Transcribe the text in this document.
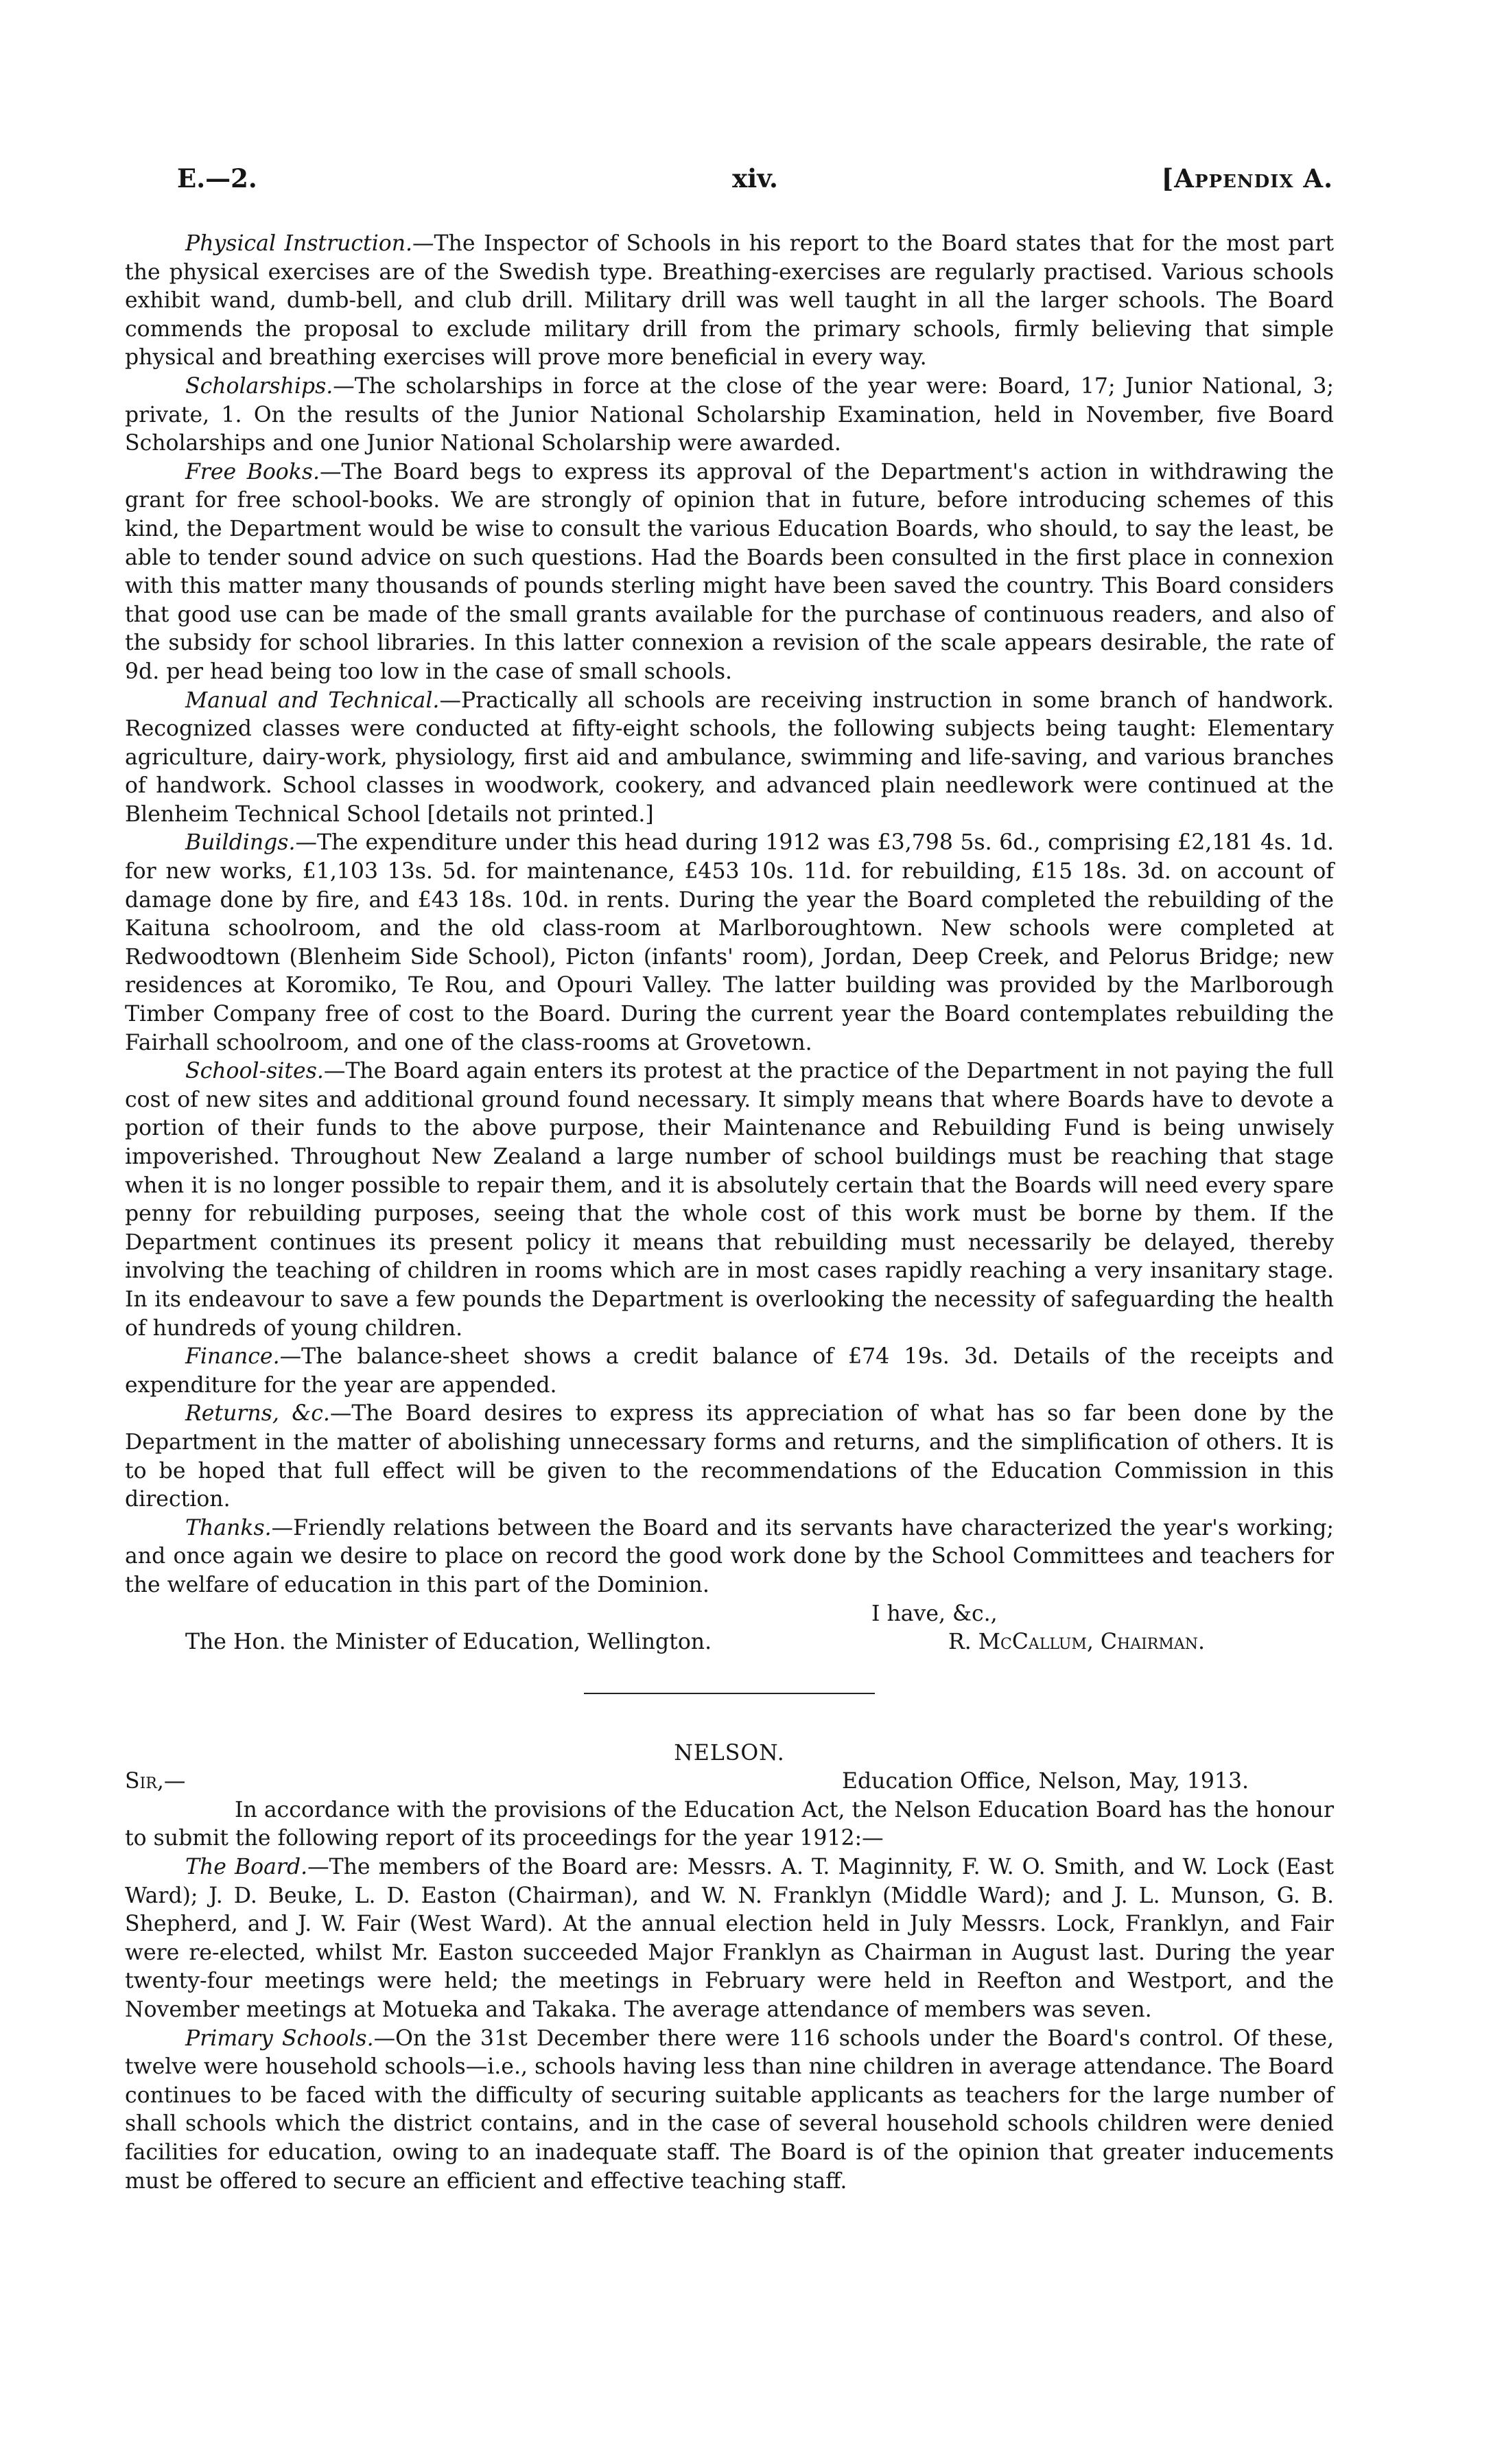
E.—2.	xiv.	[Appendix A.

Physical Instruction.—The Inspector of Schools in his report to the Board states that for the most part the physical exercises are of the Swedish type. Breathing-exercises are regularly practised. Various schools exhibit wand, dumb-bell, and club drill. Military drill was well taught in all the larger schools. The Board commends the proposal to exclude military drill from the primary schools, firmly believing that simple physical and breathing exercises will prove more beneficial in every way.

Scholarships.—The scholarships in force at the close of the year were: Board, 17; Junior National, 3; private, 1. On the results of the Junior National Scholarship Examination, held in November, five Board Scholarships and one Junior National Scholarship were awarded.

Free Books.—The Board begs to express its approval of the Department's action in withdrawing the grant for free school-books. We are strongly of opinion that in future, before introducing schemes of this kind, the Department would be wise to consult the various Education Boards, who should, to say the least, be able to tender sound advice on such questions. Had the Boards been consulted in the first place in connexion with this matter many thousands of pounds sterling might have been saved the country. This Board considers that good use can be made of the small grants available for the purchase of continuous readers, and also of the subsidy for school libraries. In this latter connexion a revision of the scale appears desirable, the rate of 9d. per head being too low in the case of small schools.

Manual and Technical.—Practically all schools are receiving instruction in some branch of handwork. Recognized classes were conducted at fifty-eight schools, the following subjects being taught: Elementary agriculture, dairy-work, physiology, first aid and ambulance, swimming and life-saving, and various branches of handwork. School classes in woodwork, cookery, and advanced plain needlework were continued at the Blenheim Technical School [details not printed.]

Buildings.—The expenditure under this head during 1912 was £3,798 5s. 6d., comprising £2,181 4s. 1d. for new works, £1,103 13s. 5d. for maintenance, £453 10s. 11d. for rebuilding, £15 18s. 3d. on account of damage done by fire, and £43 18s. 10d. in rents. During the year the Board completed the rebuilding of the Kaituna schoolroom, and the old class-room at Marlboroughtown. New schools were completed at Redwoodtown (Blenheim Side School), Picton (infants' room), Jordan, Deep Creek, and Pelorus Bridge; new residences at Koromiko, Te Rou, and Opouri Valley. The latter building was provided by the Marlborough Timber Company free of cost to the Board. During the current year the Board contemplates rebuilding the Fairhall schoolroom, and one of the class-rooms at Grovetown.

School-sites.—The Board again enters its protest at the practice of the Department in not paying the full cost of new sites and additional ground found necessary. It simply means that where Boards have to devote a portion of their funds to the above purpose, their Maintenance and Rebuilding Fund is being unwisely impoverished. Throughout New Zealand a large number of school buildings must be reaching that stage when it is no longer possible to repair them, and it is absolutely certain that the Boards will need every spare penny for rebuilding purposes, seeing that the whole cost of this work must be borne by them. If the Department continues its present policy it means that rebuilding must necessarily be delayed, thereby involving the teaching of children in rooms which are in most cases rapidly reaching a very insanitary stage. In its endeavour to save a few pounds the Department is overlooking the necessity of safeguarding the health of hundreds of young children.

Finance.—The balance-sheet shows a credit balance of £74 19s. 3d. Details of the receipts and expenditure for the year are appended.

Returns, &c.—The Board desires to express its appreciation of what has so far been done by the Department in the matter of abolishing unnecessary forms and returns, and the simplification of others. It is to be hoped that full effect will be given to the recommendations of the Education Commission in this direction.

Thanks.—Friendly relations between the Board and its servants have characterized the year's working; and once again we desire to place on record the good work done by the School Committees and teachers for the welfare of education in this part of the Dominion.

I have, &c.,
The Hon. the Minister of Education, Wellington.	R. McCallum, Chairman.

NELSON.

Sir,—	Education Office, Nelson, May, 1913.

In accordance with the provisions of the Education Act, the Nelson Education Board has the honour to submit the following report of its proceedings for the year 1912:—

The Board.—The members of the Board are: Messrs. A. T. Maginnity, F. W. O. Smith, and W. Lock (East Ward); J. D. Beuke, L. D. Easton (Chairman), and W. N. Franklyn (Middle Ward); and J. L. Munson, G. B. Shepherd, and J. W. Fair (West Ward). At the annual election held in July Messrs. Lock, Franklyn, and Fair were re-elected, whilst Mr. Easton succeeded Major Franklyn as Chairman in August last. During the year twenty-four meetings were held; the meetings in February were held in Reefton and Westport, and the November meetings at Motueka and Takaka. The average attendance of members was seven.

Primary Schools.—On the 31st December there were 116 schools under the Board's control. Of these, twelve were household schools—i.e., schools having less than nine children in average attendance. The Board continues to be faced with the difficulty of securing suitable applicants as teachers for the large number of shall schools which the district contains, and in the case of several household schools children were denied facilities for education, owing to an inadequate staff. The Board is of the opinion that greater inducements must be offered to secure an efficient and effective teaching staff.
